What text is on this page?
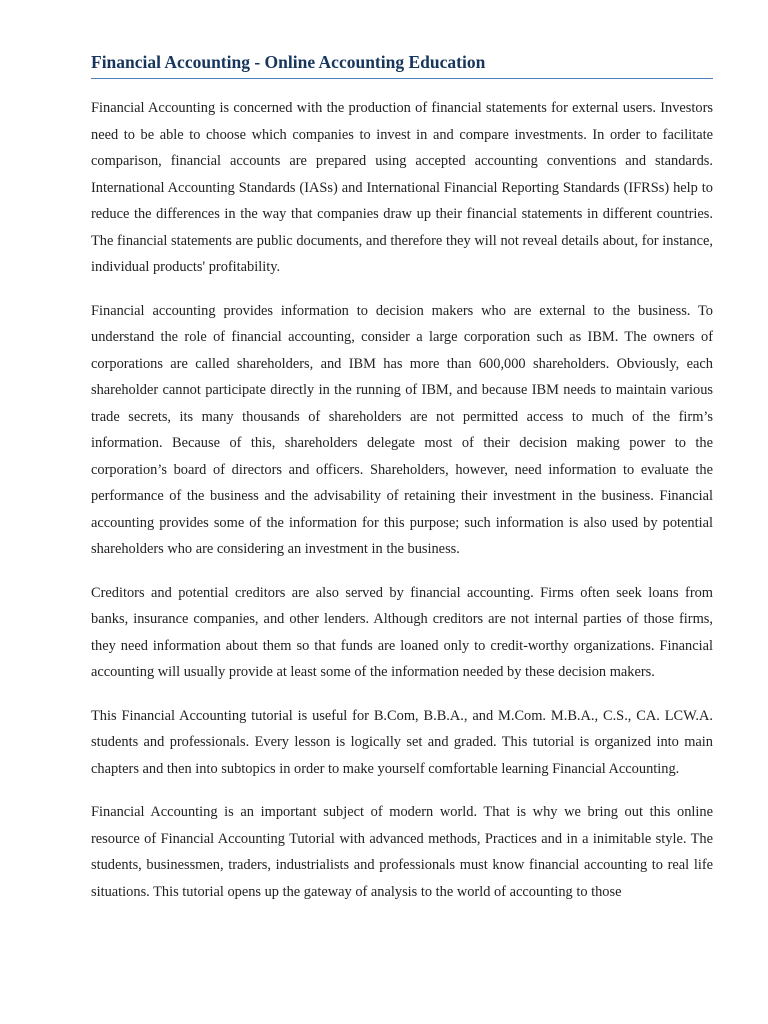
Financial Accounting - Online Accounting Education

Financial Accounting is concerned with the production of financial statements for external users. Investors need to be able to choose which companies to invest in and compare investments. In order to facilitate comparison, financial accounts are prepared using accepted accounting conventions and standards. International Accounting Standards (IASs) and International Financial Reporting Standards (IFRSs) help to reduce the differences in the way that companies draw up their financial statements in different countries. The financial statements are public documents, and therefore they will not reveal details about, for instance, individual products' profitability.

Financial accounting provides information to decision makers who are external to the business. To understand the role of financial accounting, consider a large corporation such as IBM. The owners of corporations are called shareholders, and IBM has more than 600,000 shareholders. Obviously, each shareholder cannot participate directly in the running of IBM, and because IBM needs to maintain various trade secrets, its many thousands of shareholders are not permitted access to much of the firm’s information. Because of this, shareholders delegate most of their decision making power to the corporation’s board of directors and officers. Shareholders, however, need information to evaluate the performance of the business and the advisability of retaining their investment in the business. Financial accounting provides some of the information for this purpose; such information is also used by potential shareholders who are considering an investment in the business.

Creditors and potential creditors are also served by financial accounting. Firms often seek loans from banks, insurance companies, and other lenders. Although creditors are not internal parties of those firms, they need information about them so that funds are loaned only to credit-worthy organizations. Financial accounting will usually provide at least some of the information needed by these decision makers.

This Financial Accounting tutorial is useful for B.Com, B.B.A., and M.Com. M.B.A., C.S., CA. LCW.A. students and professionals. Every lesson is logically set and graded. This tutorial is organized into main chapters and then into subtopics in order to make yourself comfortable learning Financial Accounting.

Financial Accounting is an important subject of modern world. That is why we bring out this online resource of Financial Accounting Tutorial with advanced methods, Practices and in a inimitable style. The students, businessmen, traders, industrialists and professionals must know financial accounting to real life situations. This tutorial opens up the gateway of analysis to the world of accounting to those
